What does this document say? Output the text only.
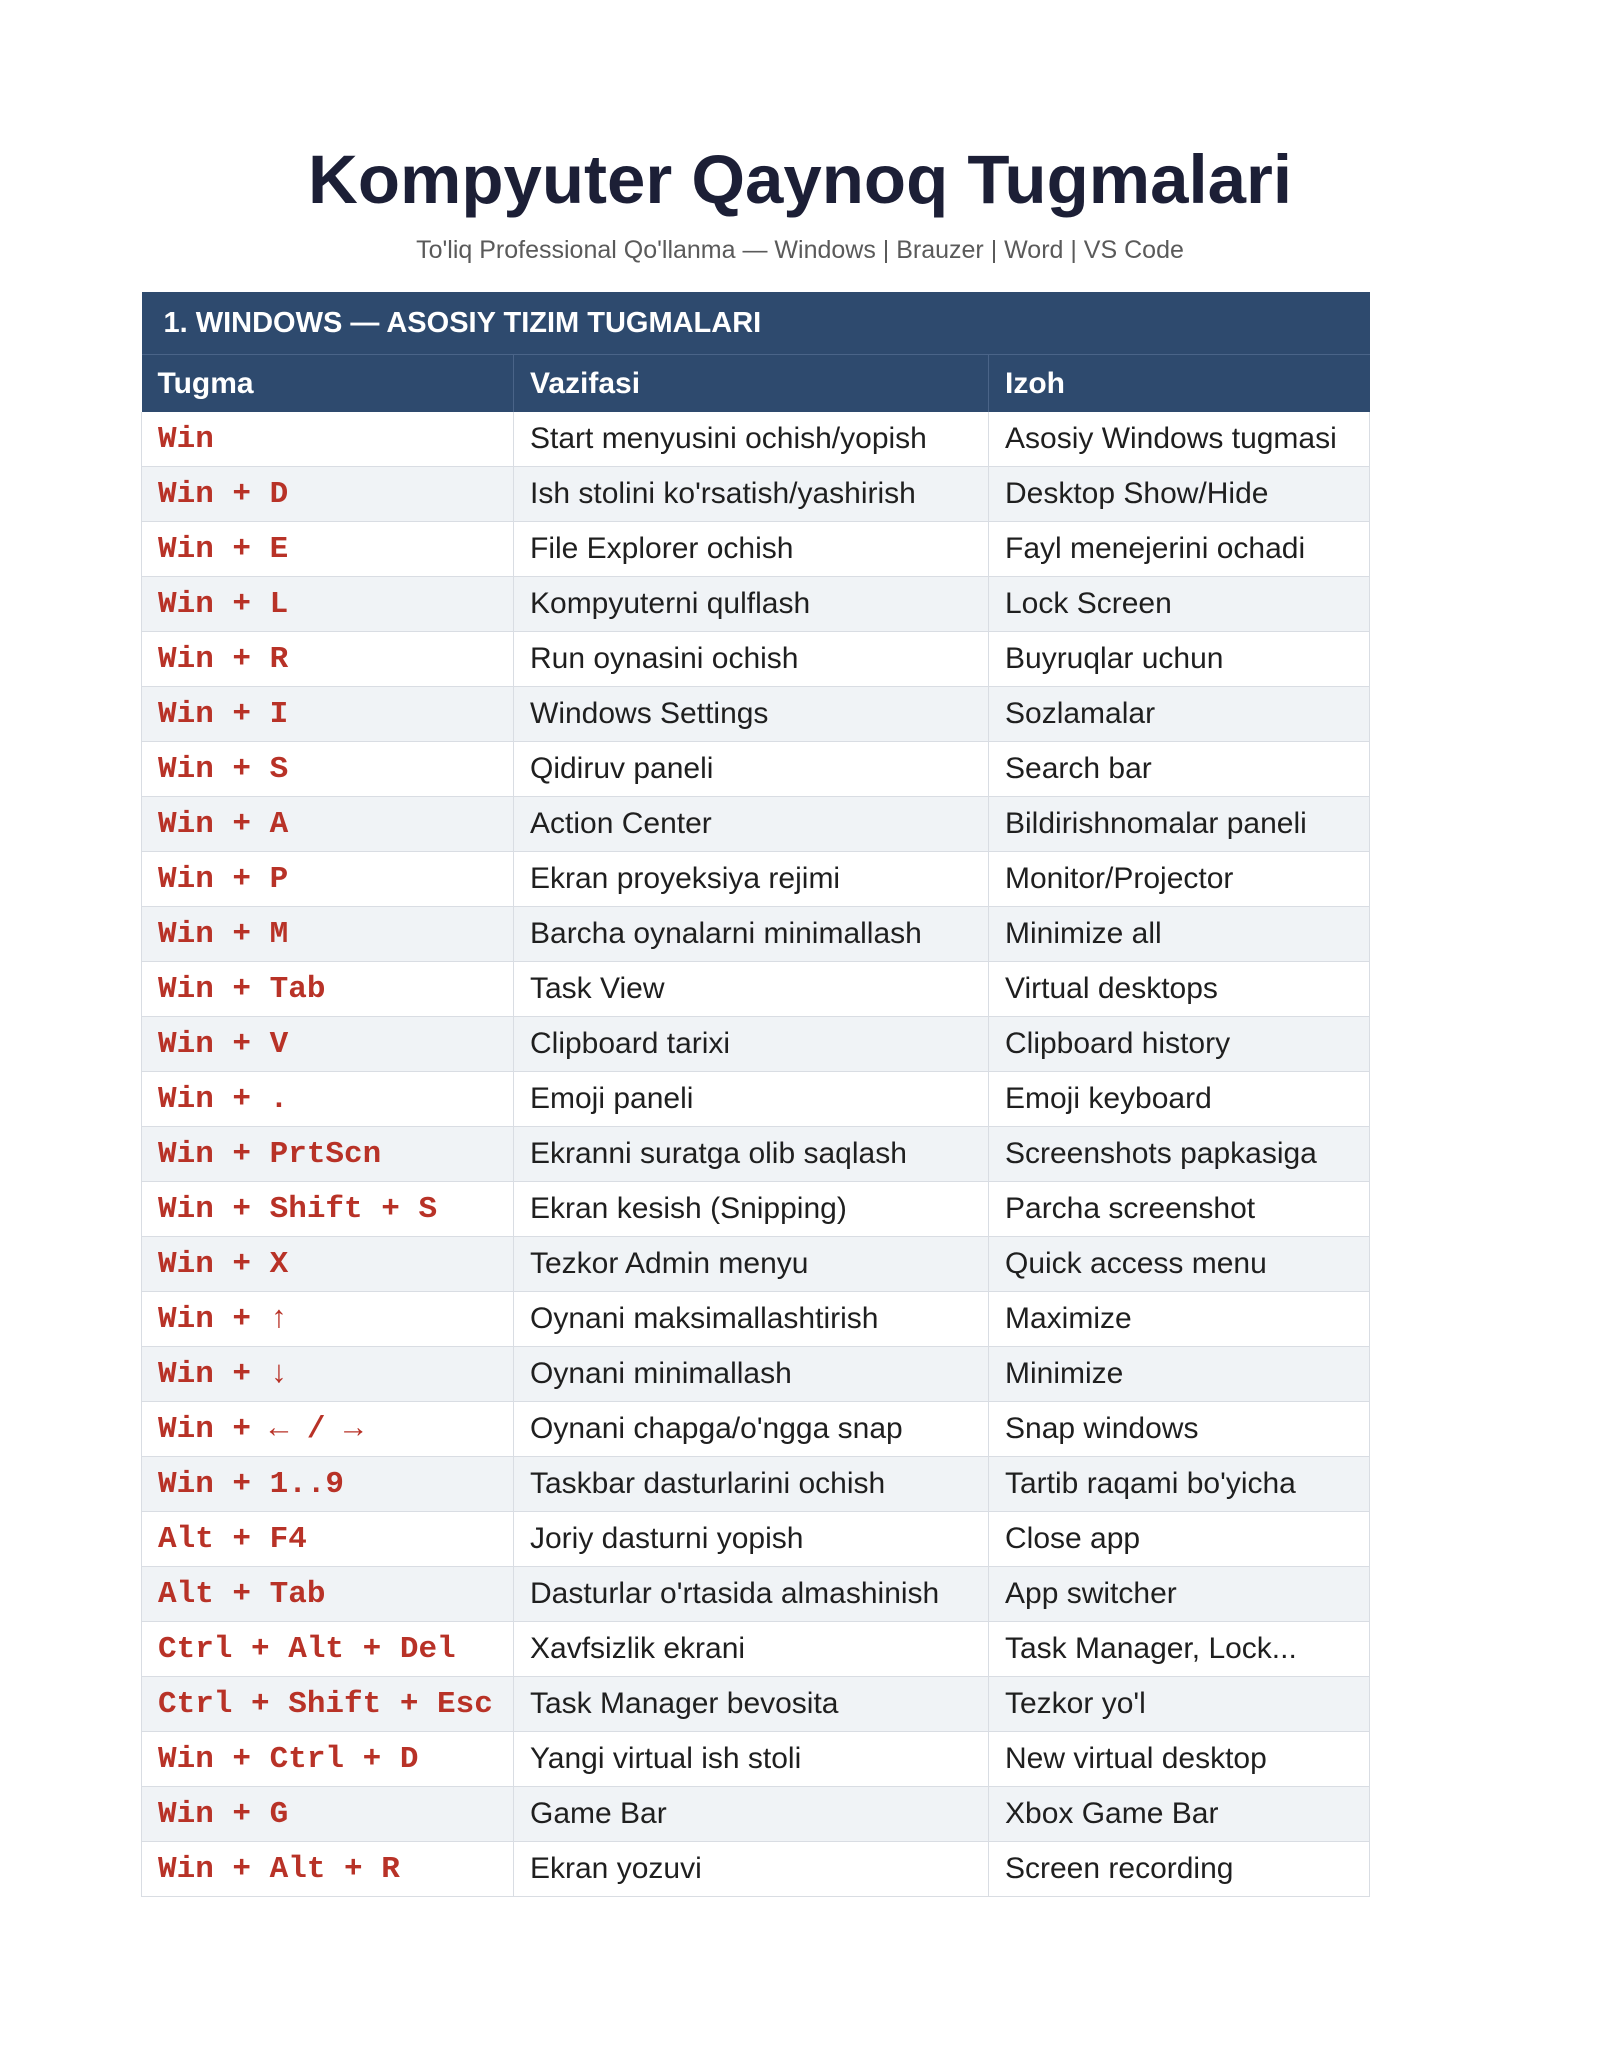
Kompyuter Qaynoq Tugmalari
To'liq Professional Qo'llanma — Windows | Brauzer | Word | VS Code
1. WINDOWS — ASOSIY TIZIM TUGMALARI		
Tugma	Vazifasi	Izoh
Win	Start menyusini ochish/yopish	Asosiy Windows tugmasi
Win + D	Ish stolini ko'rsatish/yashirish	Desktop Show/Hide
Win + E	File Explorer ochish	Fayl menejerini ochadi
Win + L	Kompyuterni qulflash	Lock Screen
Win + R	Run oynasini ochish	Buyruqlar uchun
Win + I	Windows Settings	Sozlamalar
Win + S	Qidiruv paneli	Search bar
Win + A	Action Center	Bildirishnomalar paneli
Win + P	Ekran proyeksiya rejimi	Monitor/Projector
Win + M	Barcha oynalarni minimallash	Minimize all
Win + Tab	Task View	Virtual desktops
Win + V	Clipboard tarixi	Clipboard history
Win + .	Emoji paneli	Emoji keyboard
Win + PrtScn	Ekranni suratga olib saqlash	Screenshots papkasiga
Win + Shift + S	Ekran kesish (Snipping)	Parcha screenshot
Win + X	Tezkor Admin menyu	Quick access menu
Win + ↑	Oynani maksimallashtirish	Maximize
Win + ↓	Oynani minimallash	Minimize
Win + ← / →	Oynani chapga/o'ngga snap	Snap windows
Win + 1..9	Taskbar dasturlarini ochish	Tartib raqami bo'yicha
Alt + F4	Joriy dasturni yopish	Close app
Alt + Tab	Dasturlar o'rtasida almashinish	App switcher
Ctrl + Alt + Del	Xavfsizlik ekrani	Task Manager, Lock...
Ctrl + Shift + Esc	Task Manager bevosita	Tezkor yo'l
Win + Ctrl + D	Yangi virtual ish stoli	New virtual desktop
Win + G	Game Bar	Xbox Game Bar
Win + Alt + R	Ekran yozuvi	Screen recording
